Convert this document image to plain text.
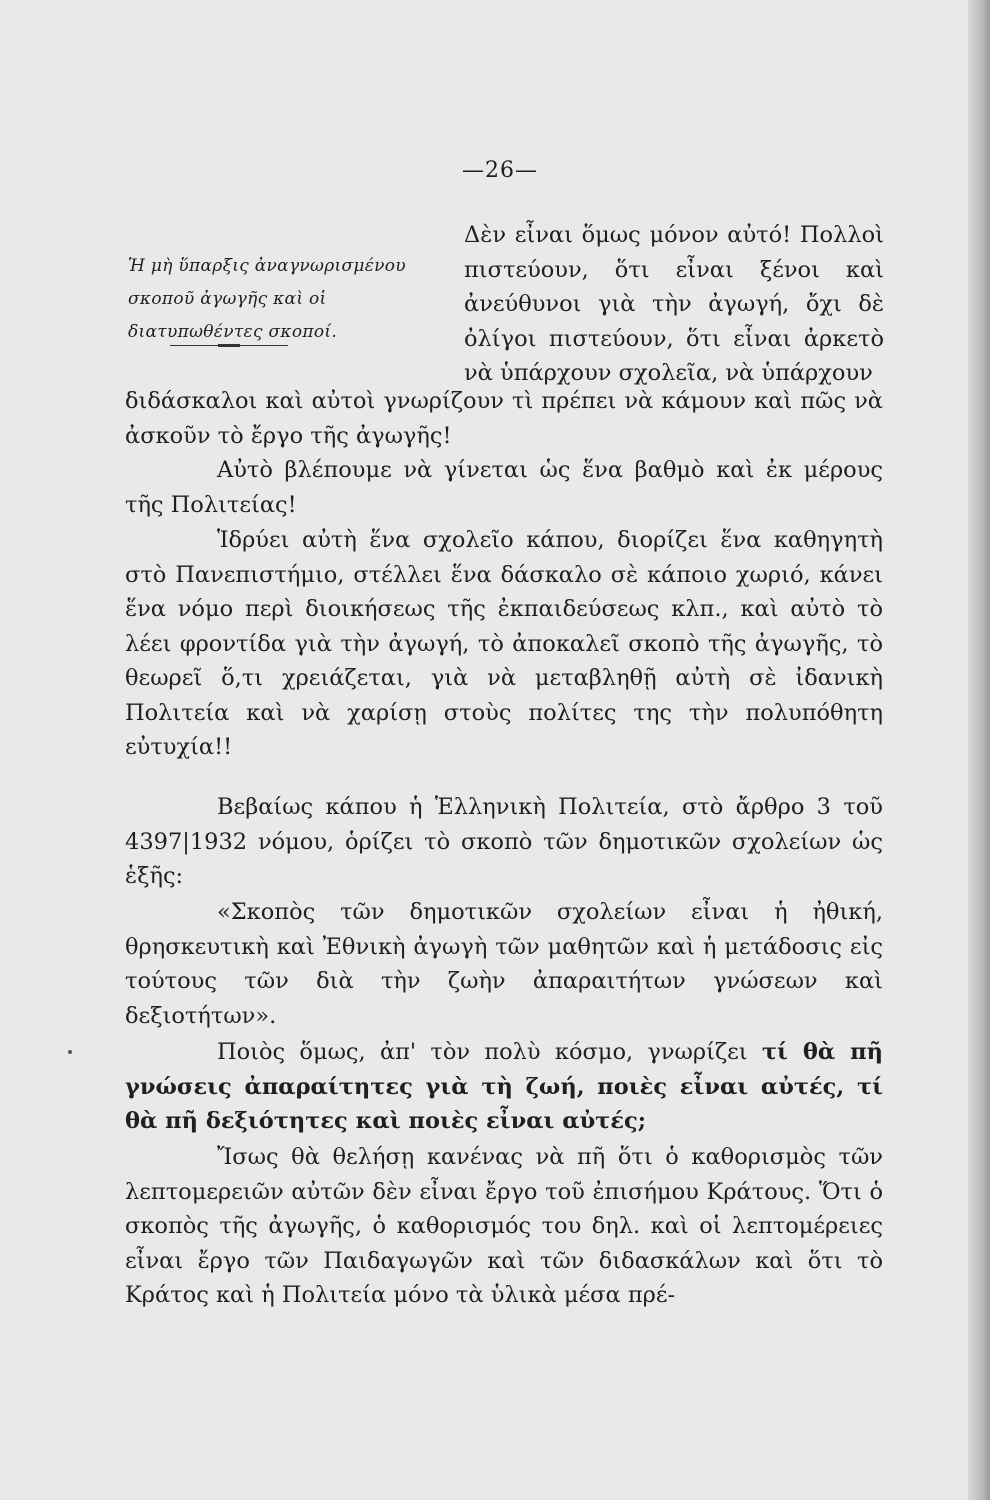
—26—
Ἡ μὴ ὕπαρξις ἀναγνωρισμένου σκοποῦ ἀγωγῆς καὶ οἱ διατυπωθέντες σκοποί.
Δὲν εἶναι ὅμως μόνον αὐτό! Πολλοὶ πιστεύουν, ὅτι εἶναι ξένοι καὶ ἀνεύθυνοι γιὰ τὴν ἀγωγή, ὄχι δὲ ὀλίγοι πιστεύουν, ὅτι εἶναι ἀρκετὸ νὰ ὑπάρχουν σχολεῖα, νὰ ὑπάρχουν

διδάσκαλοι καὶ αὐτοὶ γνωρίζουν τὶ πρέπει νὰ κάμουν καὶ πῶς νὰ ἀσκοῦν τὸ ἔργο τῆς ἀγωγῆς!

Αὐτὸ βλέπουμε νὰ γίνεται ὡς ἕνα βαθμὸ καὶ ἐκ μέρους τῆς Πολιτείας!

Ἱδρύει αὐτὴ ἕνα σχολεῖο κάπου, διορίζει ἕνα καθηγητὴ στὸ Πανεπιστήμιο, στέλλει ἕνα δάσκαλο σὲ κάποιο χωριό, κάνει ἕνα νόμο περὶ διοικήσεως τῆς ἐκπαιδεύσεως κλπ., καὶ αὐτὸ τὸ λέει φροντίδα γιὰ τὴν ἀγωγή, τὸ ἀποκαλεῖ σκοπὸ τῆς ἀγωγῆς, τὸ θεωρεῖ ὅ,τι χρειάζεται, γιὰ νὰ μεταβληθῇ αὐτὴ σὲ ἰδανικὴ Πολιτεία καὶ νὰ χαρίσῃ στοὺς πολίτες της τὴν πολυπόθητη εὐτυχία!!

Βεβαίως κάπου ἡ Ἑλληνικὴ Πολιτεία, στὸ ἄρθρο 3 τοῦ 4397|1932 νόμου, ὁρίζει τὸ σκοπὸ τῶν δημοτικῶν σχολείων ὡς ἑξῆς:

«Σκοπὸς τῶν δημοτικῶν σχολείων εἶναι ἡ ἠθική, θρησκευτικὴ καὶ Ἐθνικὴ ἀγωγὴ τῶν μαθητῶν καὶ ἡ μετάδοσις εἰς τούτους τῶν διὰ τὴν ζωὴν ἀπαραιτήτων γνώσεων καὶ δεξιοτήτων».

Ποιὸς ὅμως, ἀπ' τὸν πολὺ κόσμο, γνωρίζει τί θὰ πῆ γνώσεις ἀπαραίτητες γιὰ τὴ ζωή, ποιὲς εἶναι αὐτές, τί θὰ πῆ δεξιότητες καὶ ποιὲς εἶναι αὐτές;

Ἴσως θὰ θελήσῃ κανένας νὰ πῆ ὅτι ὁ καθορισμὸς τῶν λεπτομερειῶν αὐτῶν δὲν εἶναι ἔργο τοῦ ἐπισήμου Κράτους. Ὅτι ὁ σκοπὸς τῆς ἀγωγῆς, ὁ καθορισμός του δηλ. καὶ οἱ λεπτομέρειες εἶναι ἔργο τῶν Παιδαγωγῶν καὶ τῶν διδασκάλων καὶ ὅτι τὸ Κράτος καὶ ἡ Πολιτεία μόνο τὰ ὑλικὰ μέσα πρέ-
